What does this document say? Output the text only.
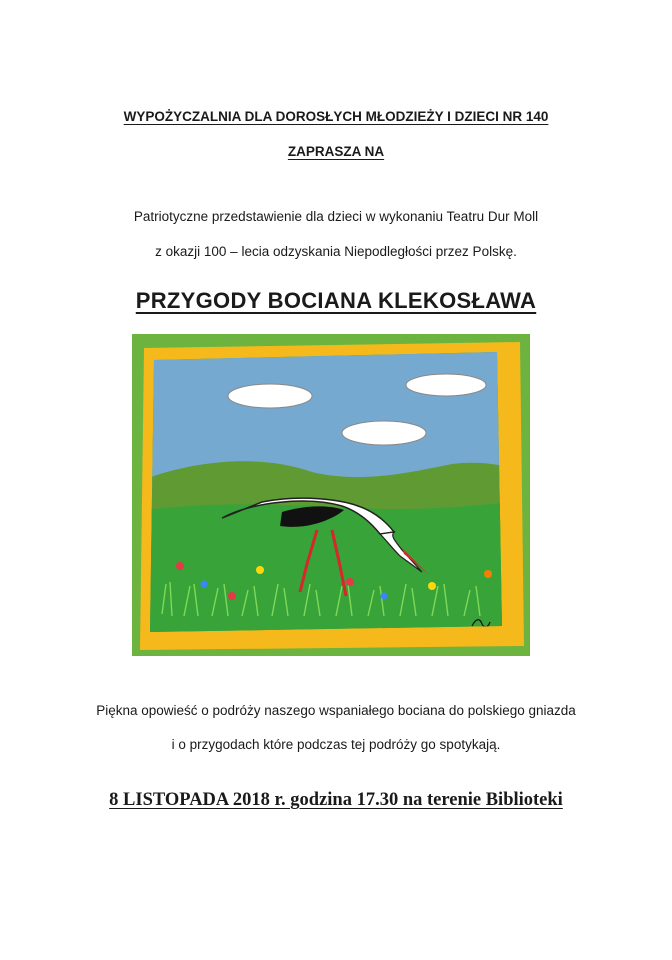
WYPOŻYCZALNIA DLA DOROSŁYCH MŁODZIEŻY I DZIECI NR 140
ZAPRASZA NA
Patriotyczne przedstawienie dla dzieci w wykonaniu Teatru Dur Moll
z okazji 100 – lecia odzyskania Niepodległości przez Polskę.
PRZYGODY BOCIANA KLEKOSŁAWA
Piękna opowieść o podróży naszego wspaniałego bociana do polskiego gniazda
i o przygodach które podczas tej podróży go spotykają.
8 LISTOPADA 2018 r. godzina 17.30 na terenie Biblioteki
